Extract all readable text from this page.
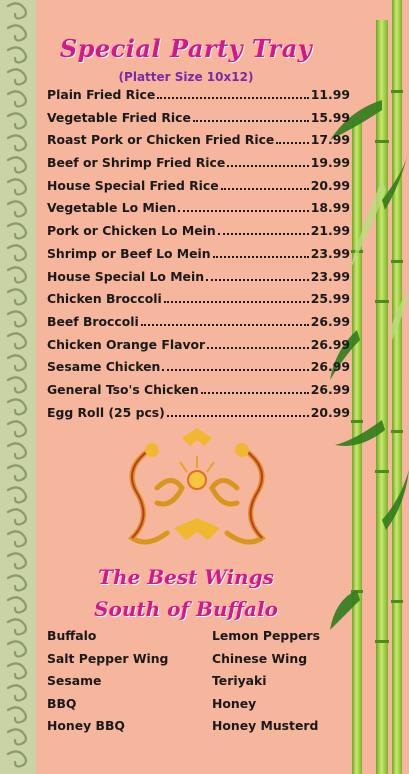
Special Party Tray
(Platter Size 10x12)
Plain Fried Rice	11.99
Vegetable Fried Rice	15.99
Roast Pork or Chicken Fried Rice	17.99
Beef or Shrimp Fried Rice	19.99
House Special Fried Rice	20.99
Vegetable Lo Mien	18.99
Pork or Chicken Lo Mein	21.99
Shrimp or Beef Lo Mein	23.99
House Special Lo Mein	23.99
Chicken Broccoli	25.99
Beef Broccoli	26.99
Chicken Orange Flavor	26.99
Sesame Chicken	26.99
General Tso's Chicken	26.99
Egg Roll (25 pcs)	20.99
The Best Wings
South of Buffalo
Buffalo	Lemon Peppers
Salt Pepper Wing	Chinese Wing
Sesame	Teriyaki
BBQ	Honey
Honey BBQ	Honey Musterd
